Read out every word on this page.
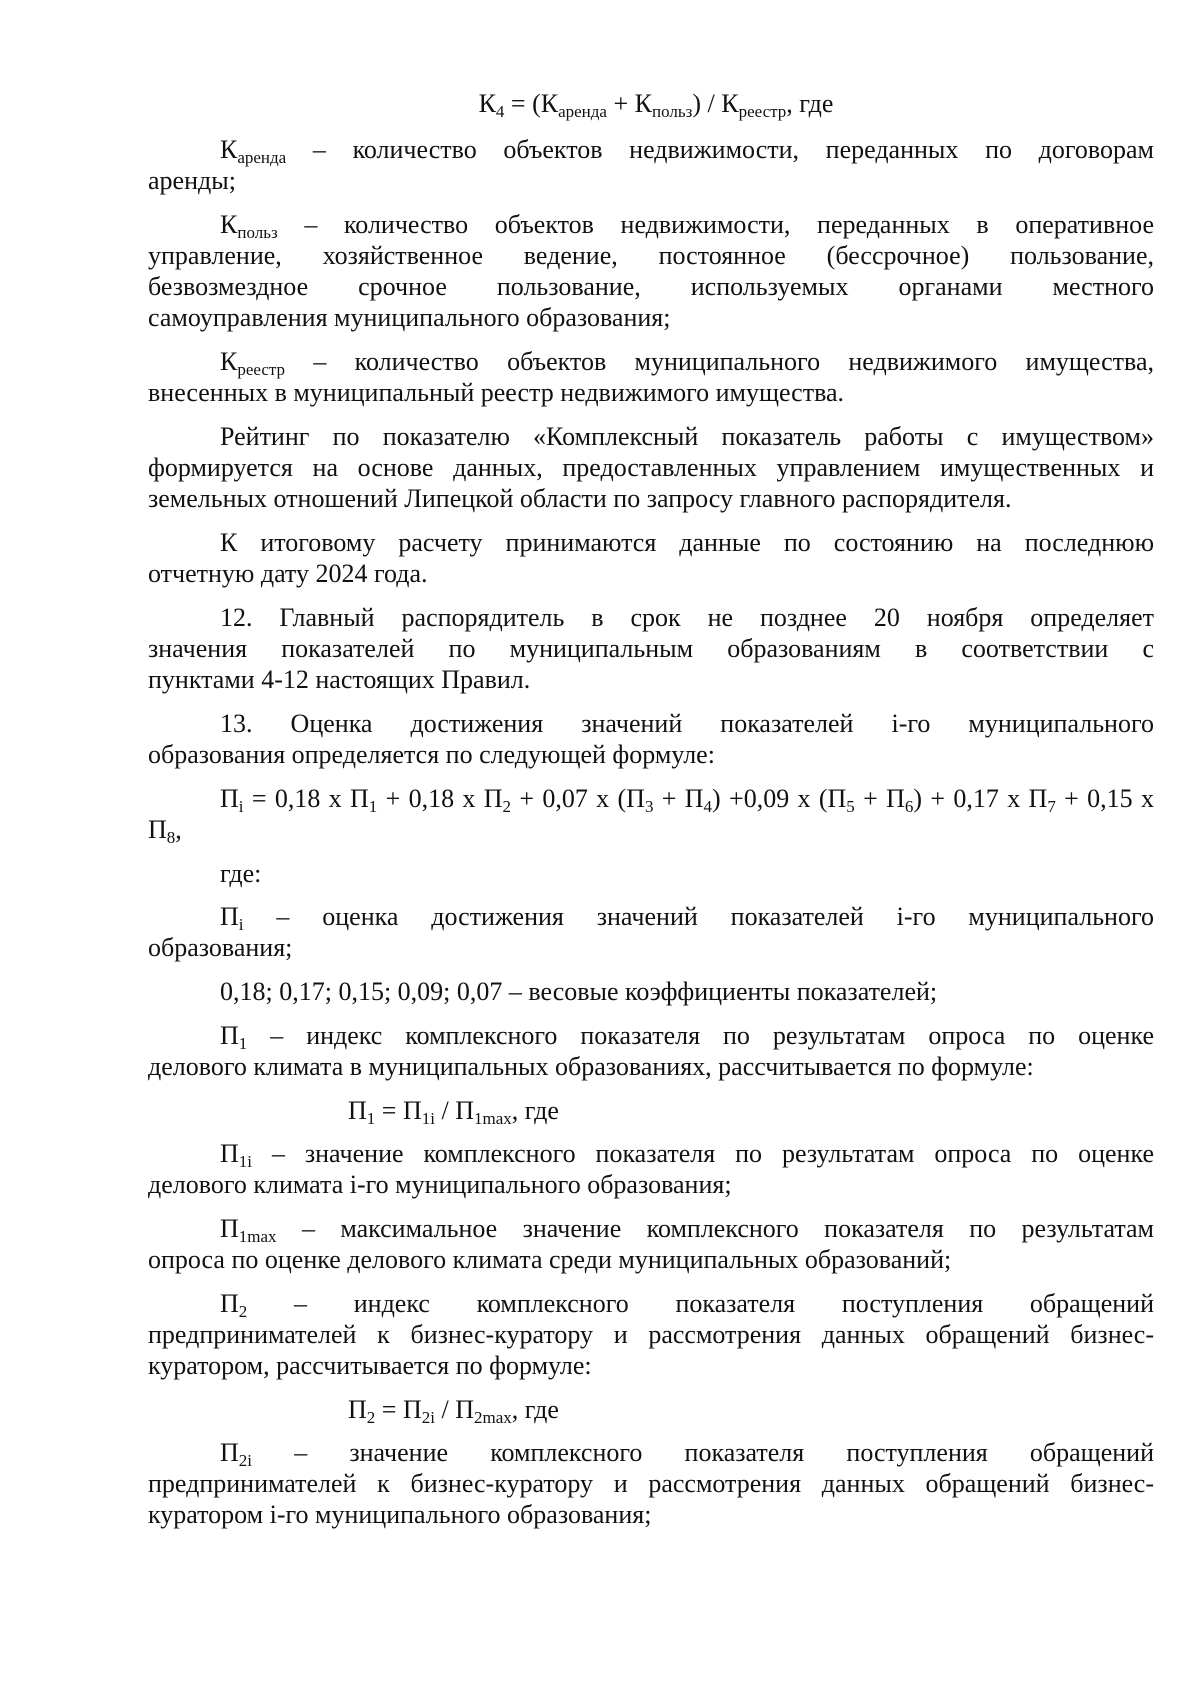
$К_4 = (К_{аренда} + К_{польз}) / К_{реестр}$, где

$К_{аренда}$ – количество объектов недвижимости, переданных по договорам

аренды;

$К_{польз}$ – количество объектов недвижимости, переданных в оперативное

управление, хозяйственное ведение, постоянное (бессрочное) пользование,

безвозмездное срочное пользование, используемых органами местного

самоуправления муниципального образования;

$К_{реестр}$ – количество объектов муниципального недвижимого имущества,

внесенных в муниципальный реестр недвижимого имущества.

Рейтинг по показателю «Комплексный показатель работы с имуществом»

формируется на основе данных, предоставленных управлением имущественных и

земельных отношений Липецкой области по запросу главного распорядителя.

К итоговому расчету принимаются данные по состоянию на последнюю

отчетную дату 2024 года.

12. Главный распорядитель в срок не позднее 20 ноября определяет

значения показателей по муниципальным образованиям в соответствии с

пунктами 4-12 настоящих Правил.

13. Оценка достижения значений показателей i-го муниципального

образования определяется по следующей формуле:

$П_i = 0,18$ x $П_1 + 0,18$ x $П_2 + 0,07$ x $(П_3 + П_4) +0,09$ x $(П_5 + П_6) + 0,17$ x $П_7 + 0,15$ x

$П_8$,

где:

$П_i$ – оценка достижения значений показателей i-го муниципального

образования;

0,18; 0,17; 0,15; 0,09; 0,07 – весовые коэффициенты показателей;

$П_1$ – индекс комплексного показателя по результатам опроса по оценке

делового климата в муниципальных образованиях, рассчитывается по формуле:

$П_1 = П_{1i} / П_{1max}$, где

$П_{1i}$ – значение комплексного показателя по результатам опроса по оценке

делового климата i-го муниципального образования;

$П_{1max}$ – максимальное значение комплексного показателя по результатам

опроса по оценке делового климата среди муниципальных образований;

$П_2$ – индекс комплексного показателя поступления обращений

предпринимателей к бизнес-куратору и рассмотрения данных обращений бизнес-

куратором, рассчитывается по формуле:

$П_2 = П_{2i} / П_{2max}$, где

$П_{2i}$ – значение комплексного показателя поступления обращений

предпринимателей к бизнес-куратору и рассмотрения данных обращений бизнес-

куратором i-го муниципального образования;
